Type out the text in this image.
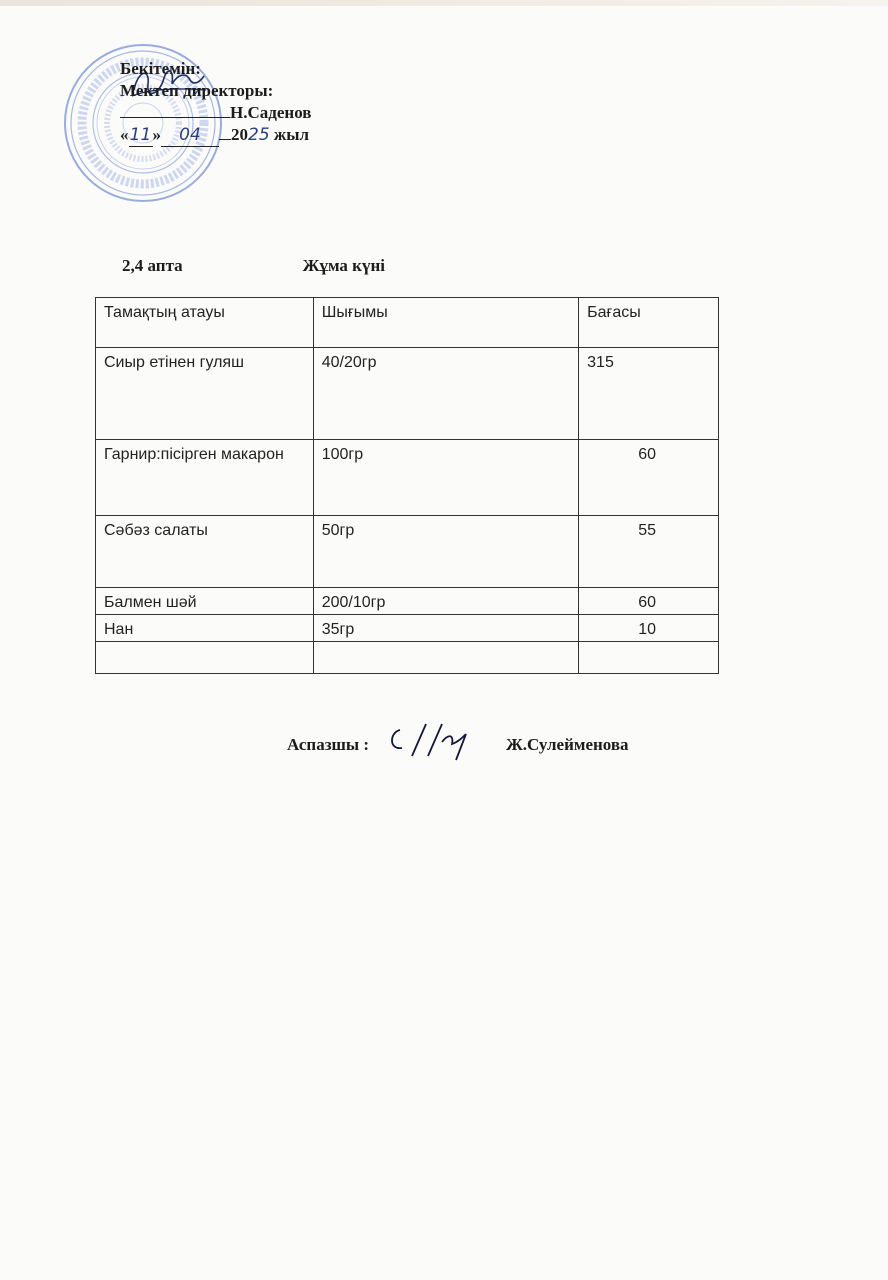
Бекітемін:
Мектеп директоры:
Н.Саденов
«11» 04 2025 жыл
2,4 апта	Жұма күні
Тамақтың атауы	Шығымы	Бағасы
Сиыр етінен гуляш	40/20гр	315
Гарнир:пісірген макарон	100гр	60
Сәбәз салаты	50гр	55
Балмен шәй	200/10гр	60
Нан	35гр	10

Аспазшы :	Ж.Сулейменова
